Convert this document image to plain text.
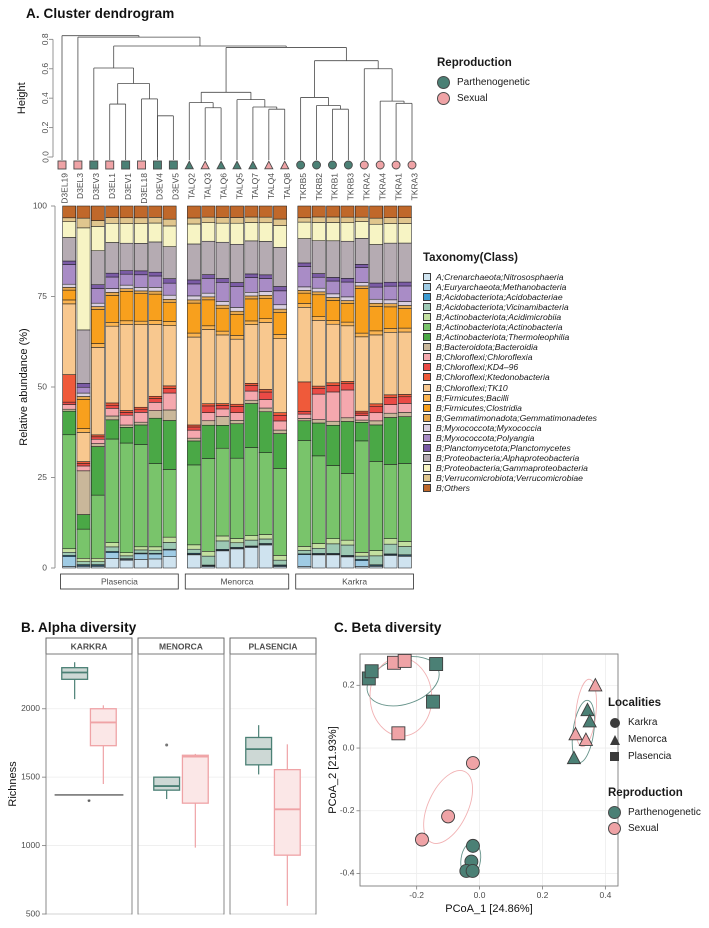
A. Cluster dendrogram
0.0
0.2
0.4
0.6
0.8
Height
D3EL19 D3EL3 D3EV3 D3EL1 D3EV1 D3EL18 D3EV4 D3EV5 TALQ2 TALQ3 TALQ6 TALQ5 TALQ7 TALQ4 TALQ8 TKRB5 TKRB2 TKRB1 TKRB3 TKRA2 TKRA4 TKRA1 TKRA3
0
25
50
75
100
Relative abundance (%)
Plasencia	Menorca	Karkra
Reproduction
Parthenogenetic
Sexual
Taxonomy(Class)
A;Crenarchaeota;Nitrososphaeria
A;Euryarchaeota;Methanobacteria
B;Acidobacteriota;Acidobacteriae
B;Acidobacteriota;Vicinamibacteria
B;Actinobacteriota;Acidimicrobiia
B;Actinobacteriota;Actinobacteria
B;Actinobacteriota;Thermoleophilia
B;Bacteroidota;Bacteroidia
B;Chloroflexi;Chloroflexia
B;Chloroflexi;KD4–96
B;Chloroflexi;Ktedonobacteria
B;Chloroflexi;TK10
B;Firmicutes;Bacilli
B;Firmicutes;Clostridia
B;Gemmatimonadota;Gemmatimonadetes
B;Myxococcota;Myxococcia
B;Myxococcota;Polyangia
B;Planctomycetota;Planctomycetes
B;Proteobacteria;Alphaproteobacteria
B;Proteobacteria;Gammaproteobacteria
B;Verrucomicrobiota;Verrucomicrobiae
B;Others
B. Alpha diversity
500
1000
1500
2000
Richness
KARKRA
*
MENORCA	PLASENCIA
C. Beta diversity
-0.2	0.0	0.2	0.4
-0.4
-0.2
0.0
0.2
PCoA_1 [24.86%]
PCoA_2 [21.93%]
Localities
Karkra
Menorca
Plasencia
Reproduction
Parthenogenetic
Sexual
